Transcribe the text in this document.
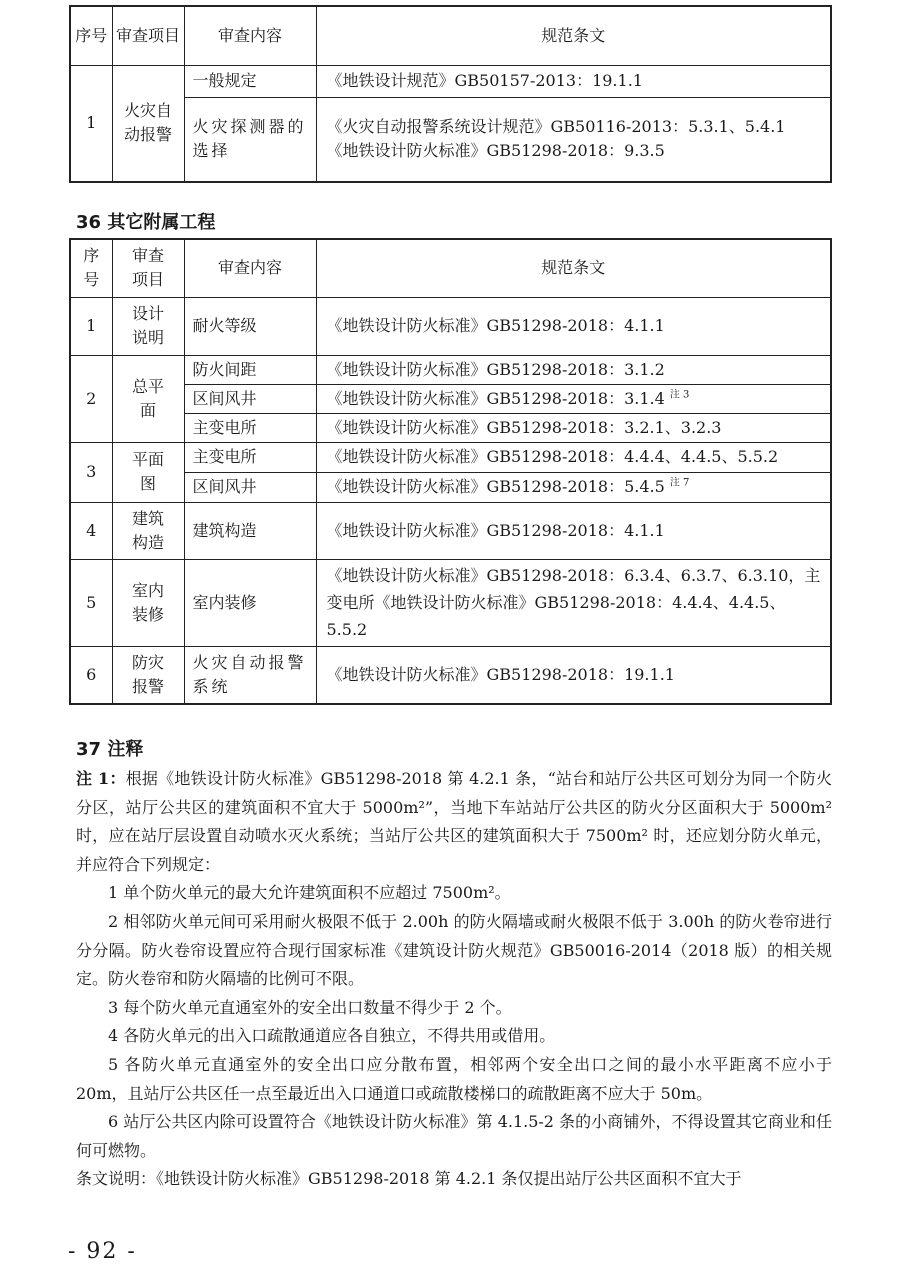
序号	审查项目	审查内容	规范条文
1	火灾自动报警	一般规定	《地铁设计规范》GB50157-2013：19.1.1
		火灾探测器的选择	《火灾自动报警系统设计规范》GB50116-2013：5.3.1、5.4.1
《地铁设计防火标准》GB51298-2018：9.3.5
36 其它附属工程
序号	审查项目	审查内容	规范条文
1	设计说明	耐火等级	《地铁设计防火标准》GB51298-2018：4.1.1
2	总平面	防火间距	《地铁设计防火标准》GB51298-2018：3.1.2
		区间风井	《地铁设计防火标准》GB51298-2018：3.1.4 $^{注 3}$
		主变电所	《地铁设计防火标准》GB51298-2018：3.2.1、3.2.3
3	平面图	主变电所	《地铁设计防火标准》GB51298-2018：4.4.4、4.4.5、5.5.2
		区间风井	《地铁设计防火标准》GB51298-2018：5.4.5 $^{注 7}$
4	建筑构造	建筑构造	《地铁设计防火标准》GB51298-2018：4.1.1
5	室内装修	室内装修	《地铁设计防火标准》GB51298-2018：6.3.4、6.3.7、6.3.10，主变电所《地铁设计防火标准》GB51298-2018：4.4.4、4.4.5、5.5.2
6	防灾报警	火灾自动报警系统	《地铁设计防火标准》GB51298-2018：19.1.1
37 注释

注 1：根据《地铁设计防火标准》GB51298-2018 第 4.2.1 条，“站台和站厅公共区可划分为同一个防火分区，站厅公共区的建筑面积不宜大于 5000m²”，当地下车站站厅公共区的防火分区面积大于 5000m² 时，应在站厅层设置自动喷水灭火系统；当站厅公共区的建筑面积大于 7500m² 时，还应划分防火单元，并应符合下列规定：

1 单个防火单元的最大允许建筑面积不应超过 7500m²。

2 相邻防火单元间可采用耐火极限不低于 2.00h 的防火隔墙或耐火极限不低于 3.00h 的防火卷帘进行分分隔。防火卷帘设置应符合现行国家标准《建筑设计防火规范》GB50016-2014（2018 版）的相关规定。防火卷帘和防火隔墙的比例可不限。

3 每个防火单元直通室外的安全出口数量不得少于 2 个。

4 各防火单元的出入口疏散通道应各自独立，不得共用或借用。

5 各防火单元直通室外的安全出口应分散布置，相邻两个安全出口之间的最小水平距离不应小于 20m，且站厅公共区任一点至最近出入口通道口或疏散楼梯口的疏散距离不应大于 50m。

6 站厅公共区内除可设置符合《地铁设计防火标准》第 4.1.5-2 条的小商铺外，不得设置其它商业和任何可燃物。

条文说明：《地铁设计防火标准》GB51298-2018 第 4.2.1 条仅提出站厅公共区面积不宜大于

- 92 -
